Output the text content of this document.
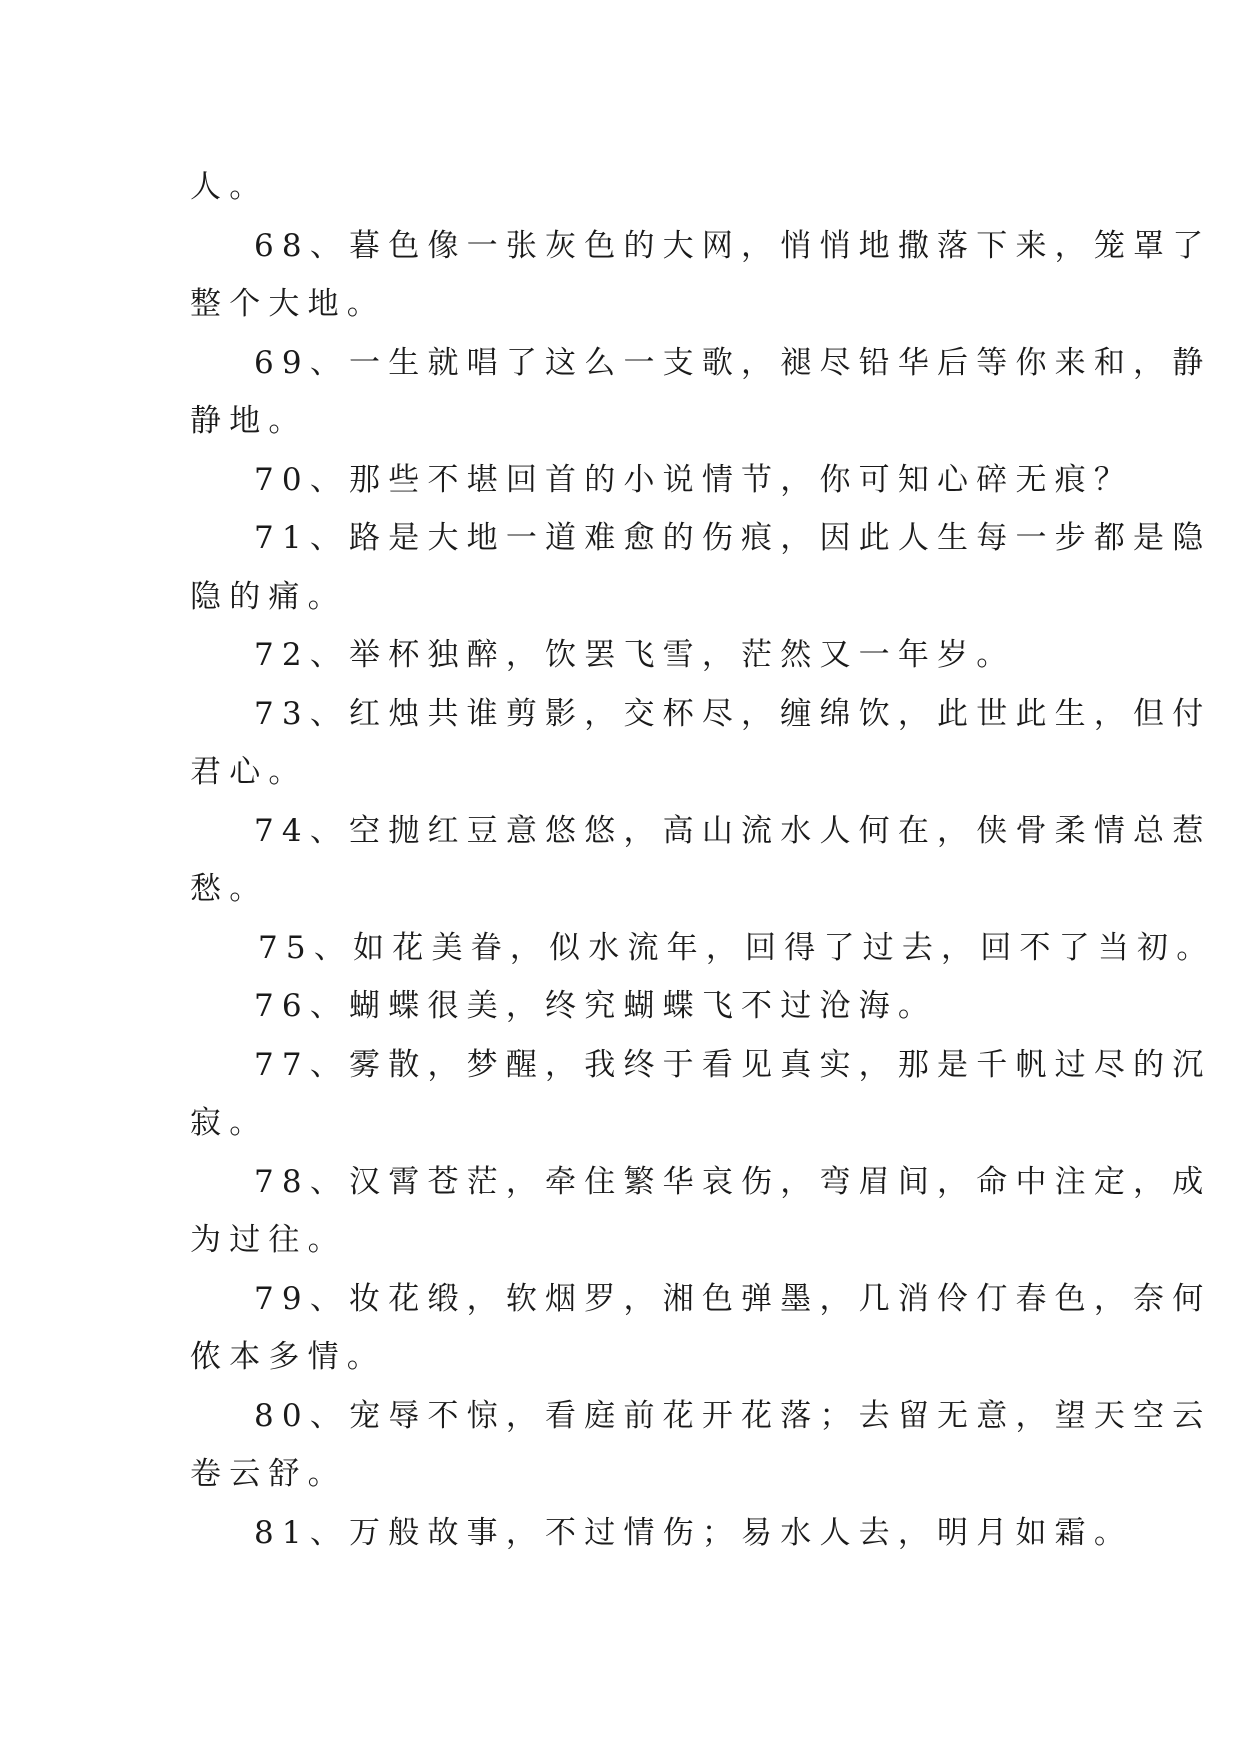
人。

68、暮色像一张灰色的大网，悄悄地撒落下来，笼罩了
整个大地。

69、一生就唱了这么一支歌，褪尽铅华后等你来和，静
静地。

70、那些不堪回首的小说情节，你可知心碎无痕？

71、路是大地一道难愈的伤痕，因此人生每一步都是隐
隐的痛。

72、举杯独醉，饮罢飞雪，茫然又一年岁。

73、红烛共谁剪影，交杯尽，缠绵饮，此世此生，但付
君心。

74、空抛红豆意悠悠，高山流水人何在，侠骨柔情总惹
愁。

75、如花美眷，似水流年，回得了过去，回不了当初。

76、蝴蝶很美，终究蝴蝶飞不过沧海。

77、雾散，梦醒，我终于看见真实，那是千帆过尽的沉
寂。

78、汉霄苍茫，牵住繁华哀伤，弯眉间，命中注定，成
为过往。

79、妆花缎，软烟罗，湘色弹墨，几消伶仃春色，奈何
侬本多情。

80、宠辱不惊，看庭前花开花落；去留无意，望天空云
卷云舒。

81、万般故事，不过情伤；易水人去，明月如霜。
